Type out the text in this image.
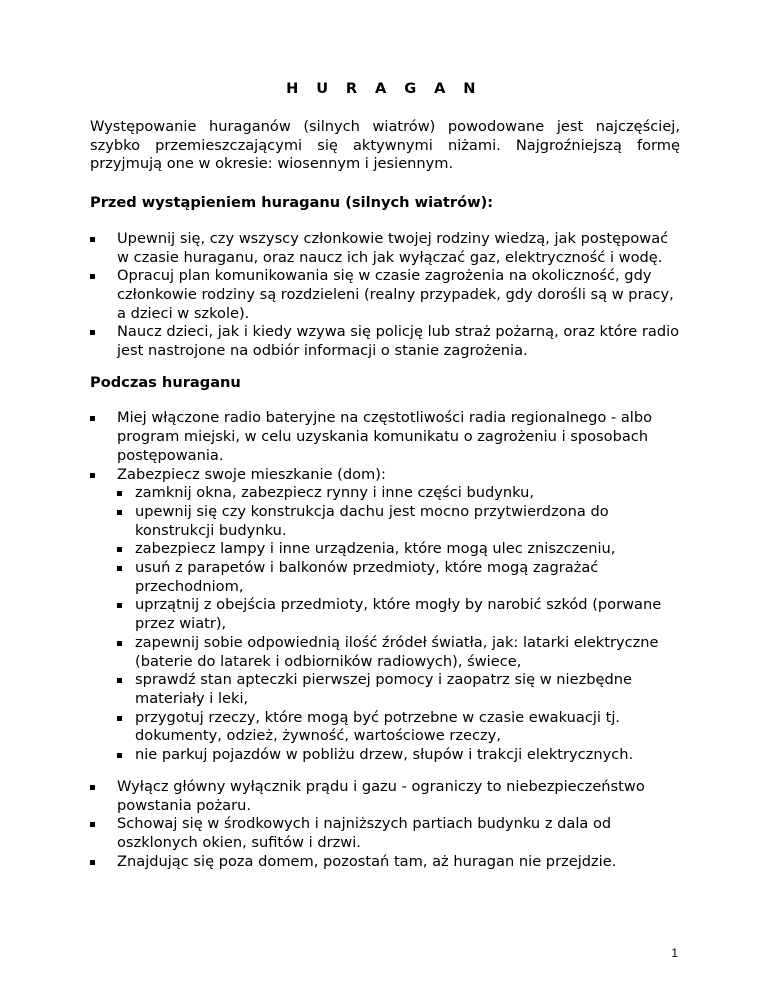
H U R A G A N

Występowanie huraganów (silnych wiatrów) powodowane jest najczęściej, szybko przemieszczającymi się aktywnymi niżami. Najgroźniejszą formę przyjmują one w okresie: wiosennym i jesiennym.

Przed wystąpieniem huraganu (silnych wiatrów):
Upewnij się, czy wszyscy członkowie twojej rodziny wiedzą, jak postępować w czasie huraganu, oraz naucz ich jak wyłączać gaz, elektryczność i wodę.
Opracuj plan komunikowania się w czasie zagrożenia na okoliczność, gdy członkowie rodziny są rozdzieleni (realny przypadek, gdy dorośli są w pracy, a dzieci w szkole).
Naucz dzieci, jak i kiedy wzywa się policję lub straż pożarną, oraz które radio jest nastrojone na odbiór informacji o stanie zagrożenia.
Podczas huraganu
Miej włączone radio bateryjne na częstotliwości radia regionalnego - albo program miejski, w celu uzyskania komunikatu o zagrożeniu i sposobach postępowania.
Zabezpiecz swoje mieszkanie (dom):
zamknij okna, zabezpiecz rynny i inne części budynku,
upewnij się czy konstrukcja dachu jest mocno przytwierdzona do konstrukcji budynku.
zabezpiecz lampy i inne urządzenia, które mogą ulec zniszczeniu,
usuń z parapetów i balkonów przedmioty, które mogą zagrażać przechodniom,
uprzątnij z obejścia przedmioty, które mogły by narobić szkód (porwane przez wiatr),
zapewnij sobie odpowiednią ilość źródeł światła, jak: latarki elektryczne (baterie do latarek i odbiorników radiowych), świece,
sprawdź stan apteczki pierwszej pomocy i zaopatrz się w niezbędne materiały i leki,
przygotuj rzeczy, które mogą być potrzebne w czasie ewakuacji tj. dokumenty, odzież, żywność, wartościowe rzeczy,
nie parkuj pojazdów w pobliżu drzew, słupów i trakcji elektrycznych.
Wyłącz główny wyłącznik prądu i gazu - ograniczy to niebezpieczeństwo powstania pożaru.
Schowaj się w środkowych i najniższych partiach budynku z dala od oszklonych okien, sufitów i drzwi.
Znajdując się poza domem, pozostań tam, aż huragan nie przejdzie.
1
